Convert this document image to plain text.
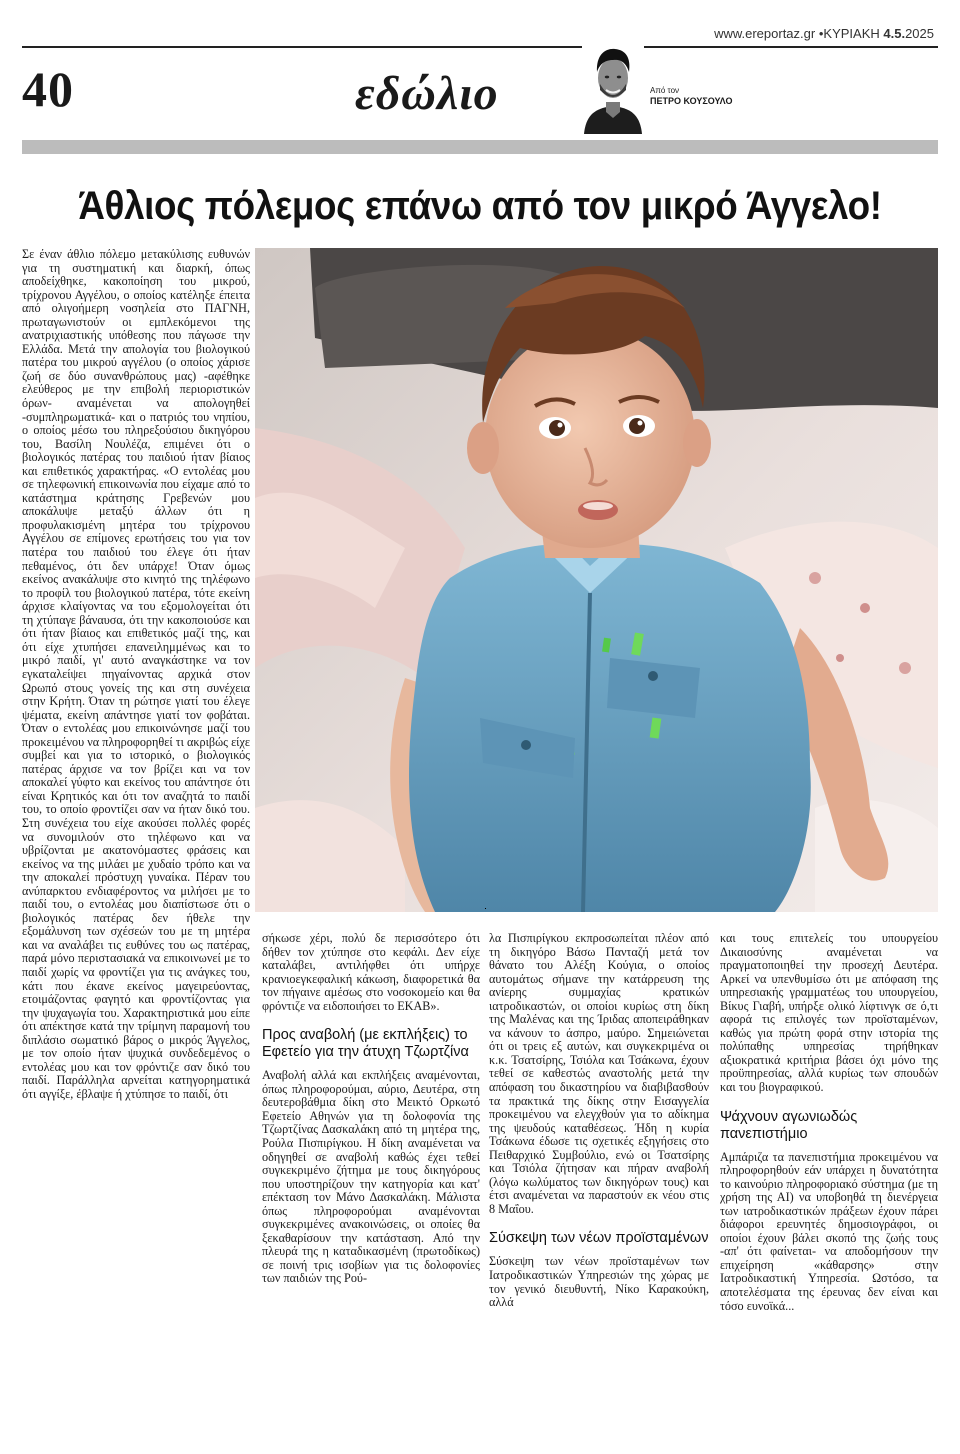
www.ereportaz.gr •ΚΥΡΙΑΚΗ 4.5.2025
40	εδώλιο	Από τον
ΠΕΤΡΟ ΚΟΥΣΟΥΛΟ
Άθλιος πόλεμος επάνω από τον μικρό Άγγελο!

Σε έναν άθλιο πόλεμο μετακύλισης ευθυνών για τη συστηματική και διαρκή, όπως αποδείχθηκε, κακοποίηση του μικρού, τρίχρονου Αγγέλου, ο οποίος κατέληξε έπειτα από ολιγοήμερη νοσηλεία στο ΠΑΓΝΗ, πρωταγωνιστούν οι εμπλεκόμενοι της ανατριχιαστικής υπόθεσης που πάγωσε την Ελλάδα. Μετά την απολογία του βιολογικού πατέρα του μικρού αγγέλου (ο οποίος χάρισε ζωή σε δύο συνανθρώπους μας) -αφέθηκε ελεύθερος με την επιβολή περιοριστικών όρων- αναμένεται να απολογηθεί -συμπληρωματικά- και ο πατριός του νηπίου, ο οποίος μέσω του πληρεξούσιου δικηγόρου του, Βασίλη Νουλέζα, επιμένει ότι ο βιολογικός πατέρας του παιδιού ήταν βίαιος και επιθετικός χαρακτήρας. «Ο εντολέας μου σε τηλεφωνική επικοινωνία που είχαμε από το κατάστημα κράτησης Γρεβενών μου αποκάλυψε μεταξύ άλλων ότι η προφυλακισμένη μητέρα του τρίχρονου Αγγέλου σε επίμονες ερωτήσεις του για τον πατέρα του παιδιού του έλεγε ότι ήταν πεθαμένος, ότι δεν υπάρχε! Όταν όμως εκείνος ανακάλυψε στο κινητό της τηλέφωνο το προφίλ του βιολογικού πατέρα, τότε εκείνη άρχισε κλαίγοντας να του εξομολογείται ότι τη χτύπαγε βάναυσα, ότι την κακοποιούσε και ότι ήταν βίαιος και επιθετικός μαζί της, και ότι είχε χτυπήσει επανειλημμένως και το μικρό παιδί, γι' αυτό αναγκάστηκε να τον εγκαταλείψει πηγαίνοντας αρχικά στον Ωρωπό στους γονείς της και στη συνέχεια στην Κρήτη. Όταν τη ρώτησε γιατί του έλεγε ψέματα, εκείνη απάντησε γιατί τον φοβάται. Όταν ο εντολέας μου επικοινώνησε μαζί του προκειμένου να πληροφορηθεί τι ακριβώς είχε συμβεί και για το ιστορικό, ο βιολογικός πατέρας άρχισε να τον βρίζει και να τον αποκαλεί γύφτο και εκείνος του απάντησε ότι είναι Κρητικός και ότι τον αναζητά το παιδί του, το οποίο φροντίζει σαν να ήταν δικό του. Στη συνέχεια του είχε ακούσει πολλές φορές να συνομιλούν στο τηλέφωνο και να υβρίζονται με ακατονόμαστες φράσεις και εκείνος να της μιλάει με χυδαίο τρόπο και να την αποκαλεί πρόστυχη γυναίκα. Πέραν του ανύπαρκτου ενδιαφέροντος να μιλήσει με το παιδί του, ο εντολέας μου διαπίστωσε ότι ο βιολογικός πατέρας δεν ήθελε την εξομάλυνση των σχέσεών του με τη μητέρα και να αναλάβει τις ευθύνες του ως πατέρας, παρά μόνο περιστασιακά να επικοινωνεί με το παιδί χωρίς να φροντίζει για τις ανάγκες του, κάτι που έκανε εκείνος μαγειρεύοντας, ετοιμάζοντας φαγητό και φροντίζοντας για την ψυχαγωγία του. Χαρακτηριστικά μου είπε ότι απέκτησε κατά την τρίμηνη παραμονή του διπλάσιο σωματικό βάρος ο μικρός Άγγελος, με τον οποίο ήταν ψυχικά συνδεδεμένος ο εντολέας μου και τον φρόντιζε σαν δικό του παιδί. Παράλληλα αρνείται κατηγορηματικά ότι αγγίξε, έβλαψε ή χτύπησε το παιδί, ότι

σήκωσε χέρι, πολύ δε περισσότερο ότι δήθεν τον χτύπησε στο κεφάλι. Δεν είχε καταλάβει, αντιλήφθει ότι υπήρχε κρανιοεγκεφαλική κάκωση, διαφορετικά θα τον πήγαινε αμέσως στο νοσοκομείο και θα φρόντιζε να ειδοποιήσει το ΕΚΑΒ».

Προς αναβολή (με εκπλήξεις) το Εφετείο για την άτυχη Τζωρτζίνα

Αναβολή αλλά και εκπλήξεις αναμένονται, όπως πληροφορούμαι, αύριο, Δευτέρα, στη δευτεροβάθμια δίκη στο Μεικτό Ορκωτό Εφετείο Αθηνών για τη δολοφονία της Τζωρτζίνας Δασκαλάκη από τη μητέρα της, Ρούλα Πισπιρίγκου. Η δίκη αναμένεται να οδηγηθεί σε αναβολή καθώς έχει τεθεί συγκεκριμένο ζήτημα με τους δικηγόρους που υποστηρίζουν την κατηγορία και κατ' επέκταση τον Μάνο Δασκαλάκη. Μάλιστα όπως πληροφορούμαι αναμένονται συγκεκριμένες ανακοινώσεις, οι οποίες θα ξεκαθαρίσουν την κατάσταση. Από την πλευρά της η καταδικασμένη (πρωτοδίκως) σε ποινή τρις ισοβίων για τις δολοφονίες των παιδιών της Ρού-

λα Πισπιρίγκου εκπροσωπείται πλέον από τη δικηγόρο Βάσω Πανταζή μετά τον θάνατο του Αλέξη Κούγια, ο οποίος αυτομάτως σήμανε την κατάρρευση της ανίερης συμμαχίας κρατικών ιατροδικαστών, οι οποίοι κυρίως στη δίκη της Μαλένας και της Ίριδας αποπειράθηκαν να κάνουν το άσπρο, μαύρο. Σημειώνεται ότι οι τρεις εξ αυτών, και συγκεκριμένα οι κ.κ. Τσατσίρης, Τσιόλα και Τσάκωνα, έχουν τεθεί σε καθεστώς αναστολής μετά την απόφαση του δικαστηρίου να διαβιβασθούν τα πρακτικά της δίκης στην Εισαγγελία προκειμένου να ελεγχθούν για το αδίκημα της ψευδούς καταθέσεως. Ήδη η κυρία Τσάκωνα έδωσε τις σχετικές εξηγήσεις στο Πειθαρχικό Συμβούλιο, ενώ οι Τσατσίρης και Τσιόλα ζήτησαν και πήραν αναβολή (λόγω κωλύματος των δικηγόρων τους) και έτσι αναμένεται να παραστούν εκ νέου στις 8 Μαΐου.

Σύσκεψη των νέων προϊσταμένων

Σύσκεψη των νέων προϊσταμένων των Ιατροδικαστικών Υπηρεσιών της χώρας με τον γενικό διευθυντή, Νίκο Καρακούκη, αλλά

και τους επιτελείς του υπουργείου Δικαιοσύνης αναμένεται να πραγματοποιηθεί την προσεχή Δευτέρα. Αρκεί να υπενθυμίσω ότι με απόφαση της υπηρεσιακής γραμματέως του υπουργείου, Βίκυς Γιαβή, υπήρξε ολικό λίφτινγκ σε ό,τι αφορά τις επιλογές των προϊσταμένων, καθώς για πρώτη φορά στην ιστορία της πολύπαθης υπηρεσίας τηρήθηκαν αξιοκρατικά κριτήρια βάσει όχι μόνο της προϋπηρεσίας, αλλά κυρίως των σπουδών και του βιογραφικού.

Ψάχνουν αγωνιωδώς πανεπιστήμιο

Αμπάριζα τα πανεπιστήμια προκειμένου να πληροφορηθούν εάν υπάρχει η δυνατότητα το καινούριο πληροφοριακό σύστημα (με τη χρήση της ΑΙ) να υποβοηθά τη διενέργεια των ιατροδικαστικών πράξεων έχουν πάρει διάφοροι ερευνητές δημοσιογράφοι, οι οποίοι έχουν βάλει σκοπό της ζωής τους -απ' ότι φαίνεται- να αποδομήσουν την επιχείρηση «κάθαρσης» στην Ιατροδικαστική Υπηρεσία. Ωστόσο, τα αποτελέσματα της έρευνας δεν είναι και τόσο ευνοϊκά...
